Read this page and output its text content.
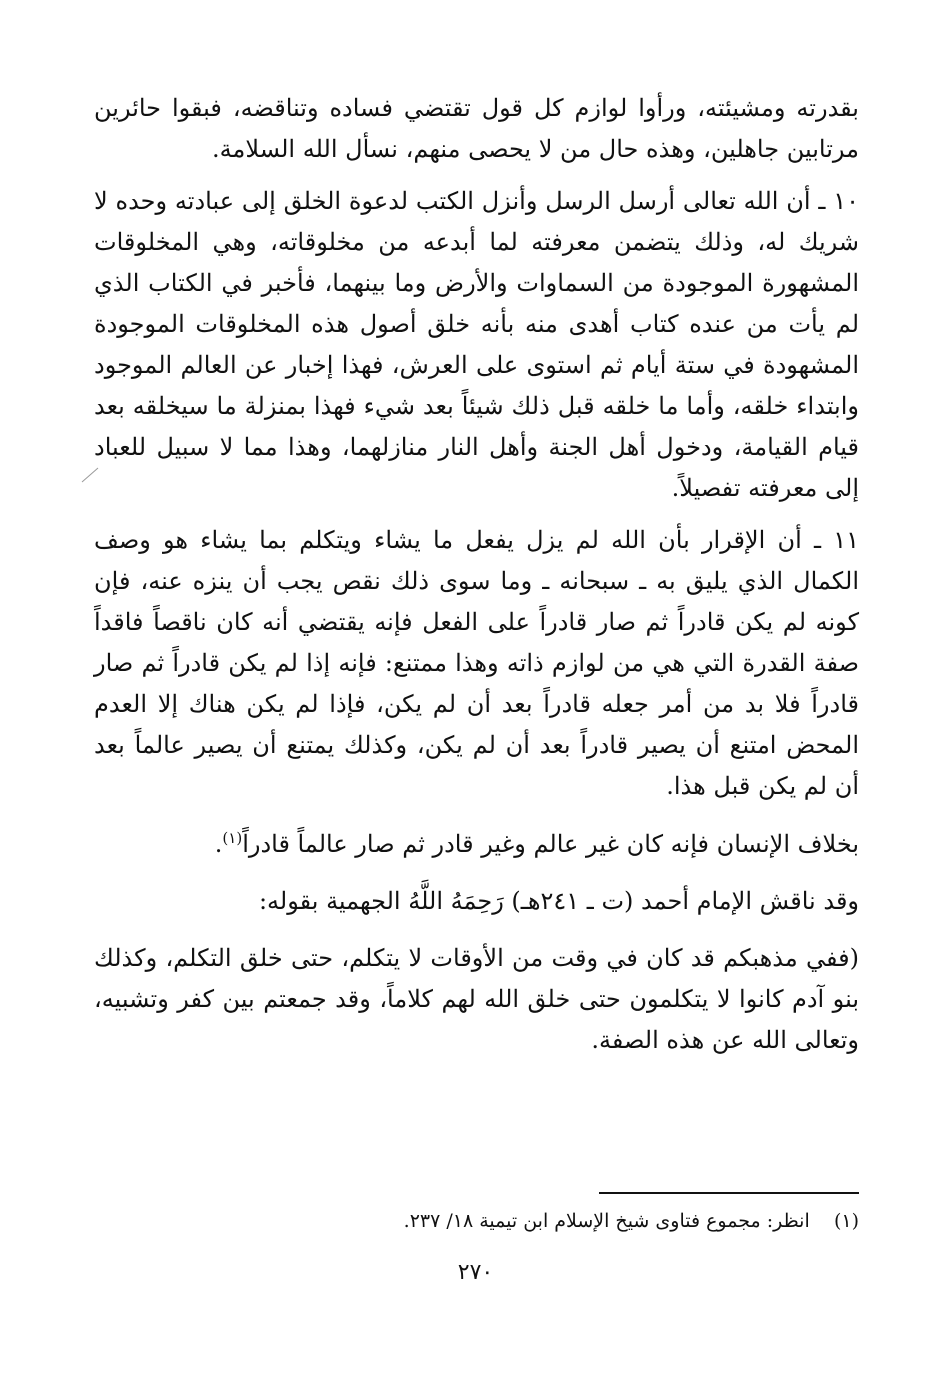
بقدرته ومشيئته، ورأوا لوازم كل قول تقتضي فساده وتناقضه، فبقوا حائرين مرتابين جاهلين، وهذه حال من لا يحصى منهم، نسأل الله السلامة.

١٠ ـ أن الله تعالى أرسل الرسل وأنزل الكتب لدعوة الخلق إلى عبادته وحده لا شريك له، وذلك يتضمن معرفته لما أبدعه من مخلوقاته، وهي المخلوقات المشهورة الموجودة من السماوات والأرض وما بينهما، فأخبر في الكتاب الذي لم يأت من عنده كتاب أهدى منه بأنه خلق أصول هذه المخلوقات الموجودة المشهودة في ستة أيام ثم استوى على العرش، فهذا إخبار عن العالم الموجود وابتداء خلقه، وأما ما خلقه قبل ذلك شيئاً بعد شيء فهذا بمنزلة ما سيخلقه بعد قيام القيامة، ودخول أهل الجنة وأهل النار منازلهما، وهذا مما لا سبيل للعباد إلى معرفته تفصيلاً.

١١ ـ أن الإقرار بأن الله لم يزل يفعل ما يشاء ويتكلم بما يشاء هو وصف الكمال الذي يليق به ـ سبحانه ـ وما سوى ذلك نقص يجب أن ينزه عنه، فإن كونه لم يكن قادراً ثم صار قادراً على الفعل فإنه يقتضي أنه كان ناقصاً فاقداً صفة القدرة التي هي من لوازم ذاته وهذا ممتنع: فإنه إذا لم يكن قادراً ثم صار قادراً فلا بد من أمر جعله قادراً بعد أن لم يكن، فإذا لم يكن هناك إلا العدم المحض امتنع أن يصير قادراً بعد أن لم يكن، وكذلك يمتنع أن يصير عالماً بعد أن لم يكن قبل هذا.

بخلاف الإنسان فإنه كان غير عالم وغير قادر ثم صار عالماً قادراً$^{(١)}$.

وقد ناقش الإمام أحمد (ت ـ ٢٤١هـ) رَحِمَهُ اللَّهُ الجهمية بقوله:

(ففي مذهبكم قد كان في وقت من الأوقات لا يتكلم، حتى خلق التكلم، وكذلك بنو آدم كانوا لا يتكلمون حتى خلق الله لهم كلاماً، وقد جمعتم بين كفر وتشبيه، وتعالى الله عن هذه الصفة.

(١)    انظر: مجموع فتاوى شيخ الإسلام ابن تيمية ١٨/ ٢٣٧.
٢٧٠
